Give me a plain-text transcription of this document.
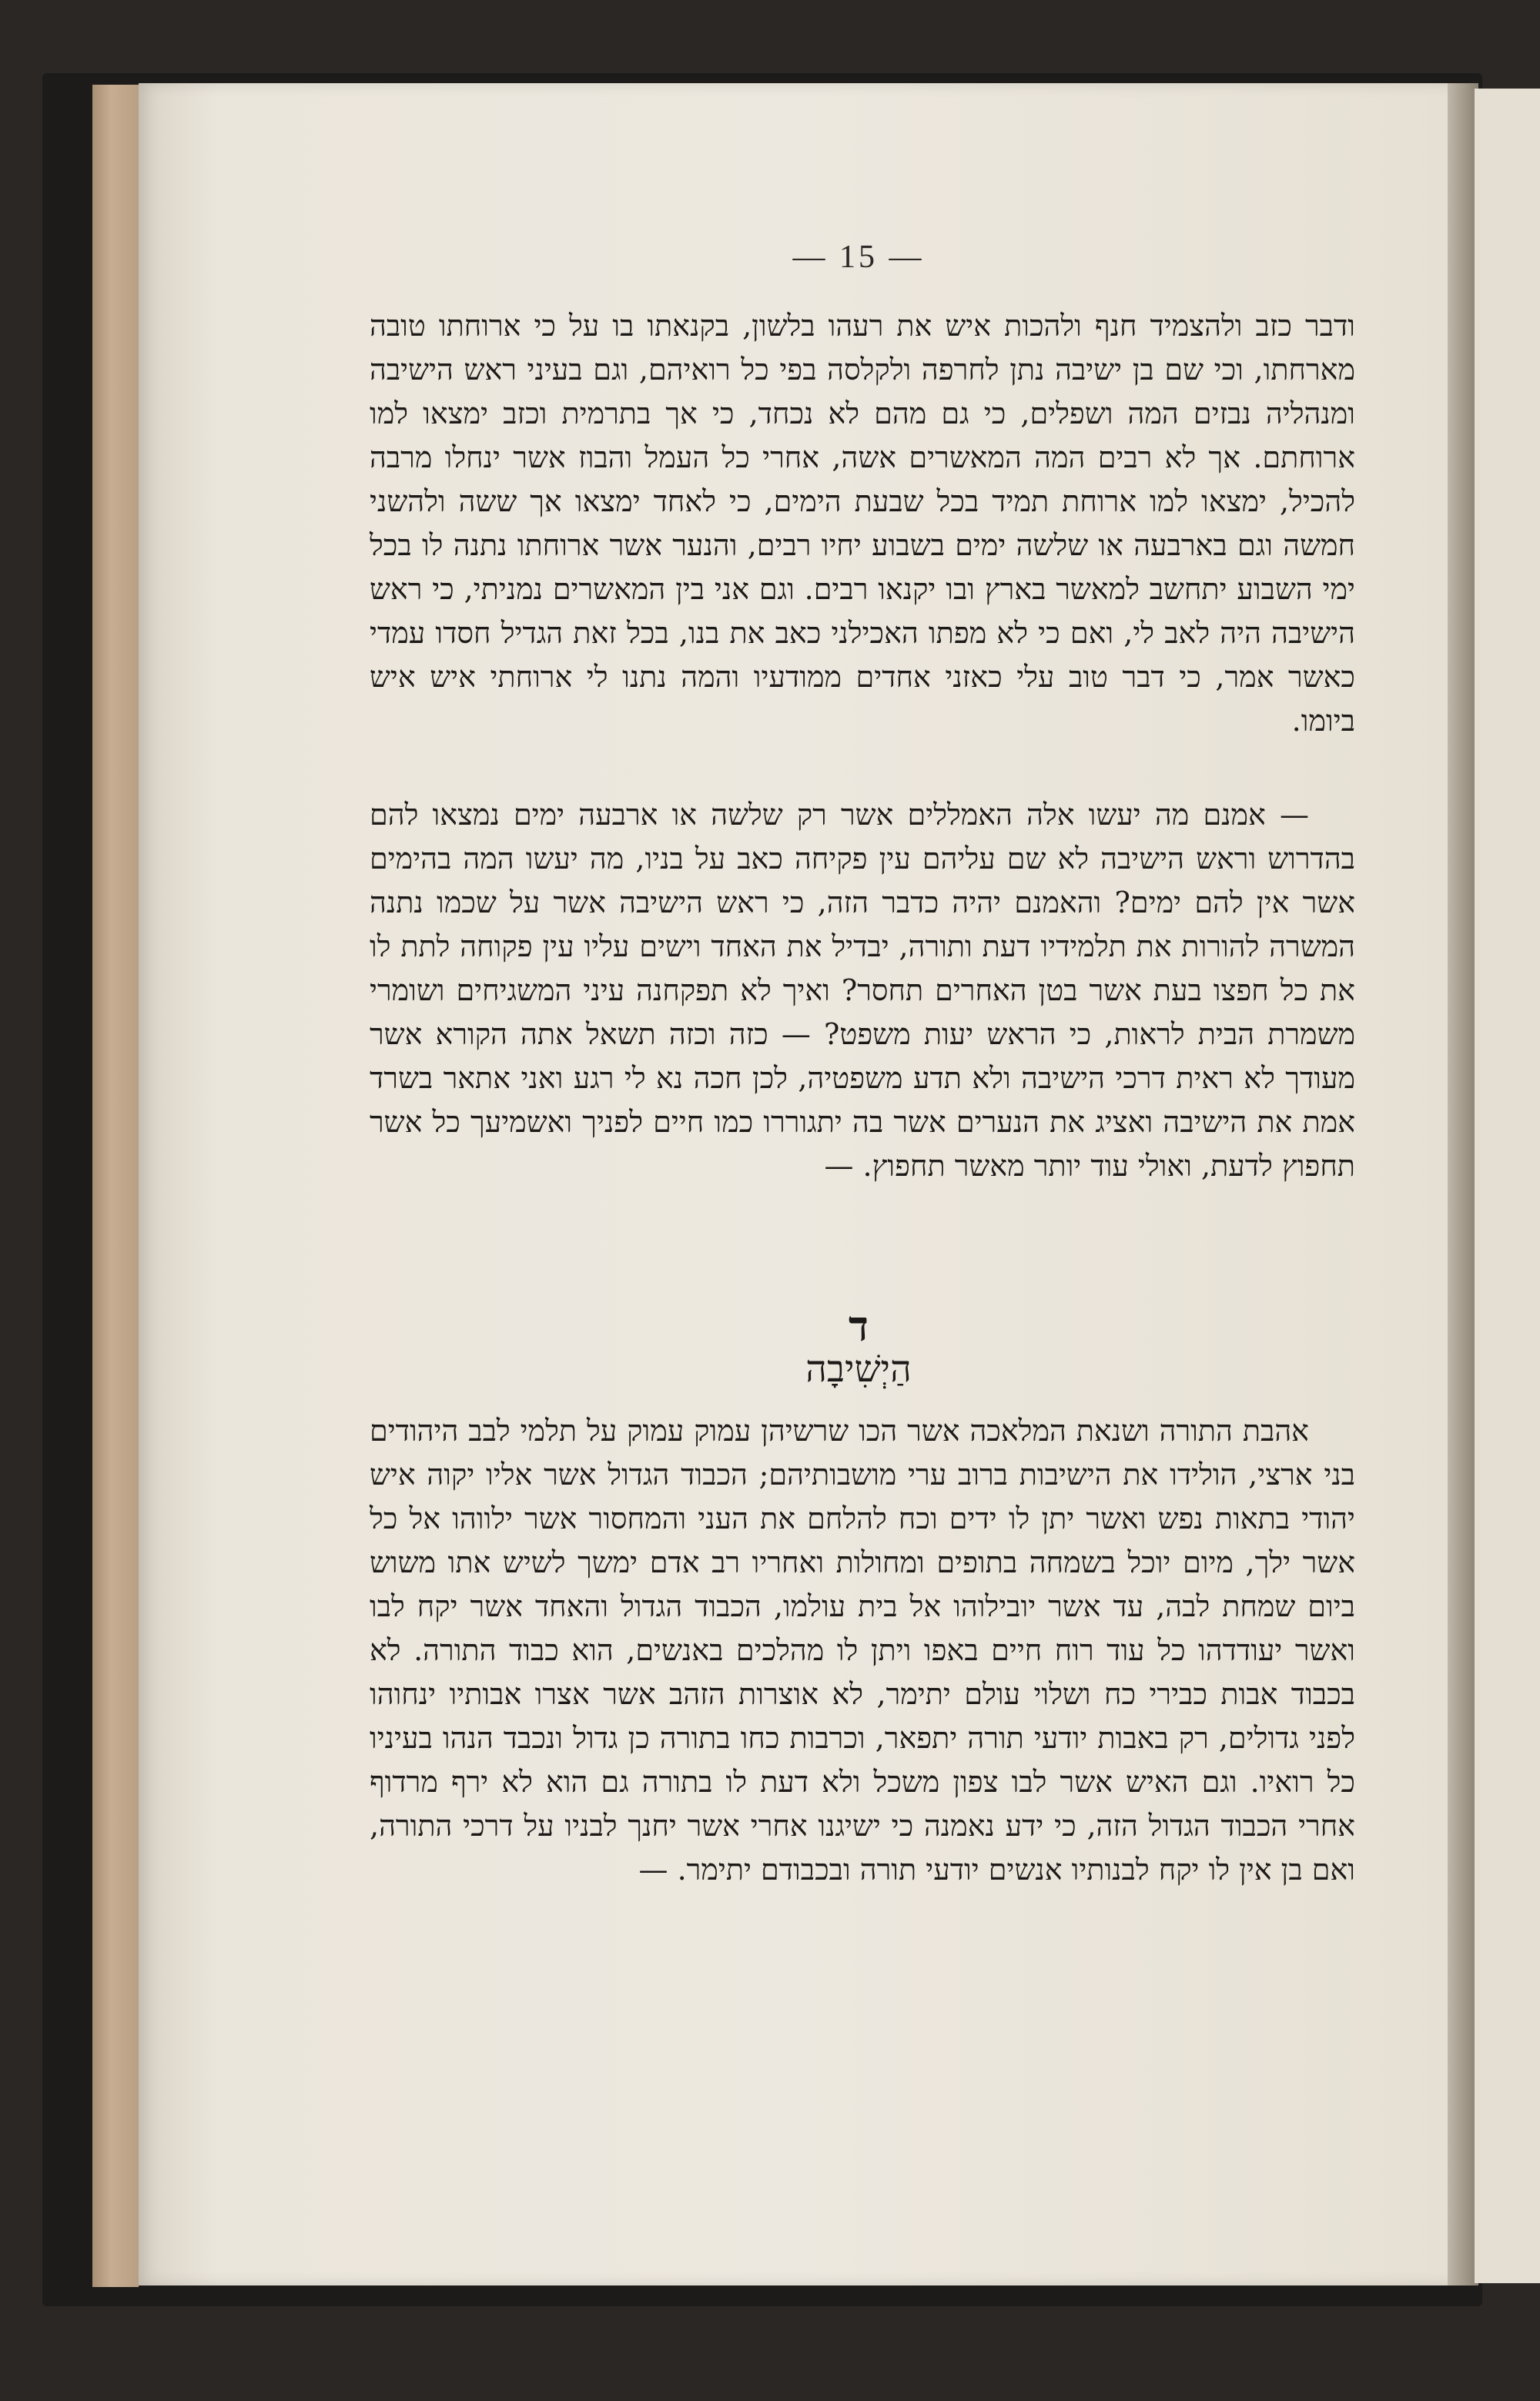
— 15 —
ודבר כזב ולהצמיד חנף ולהכות איש את רעהו בלשון, בקנאתו בו על כי ארוחתו טובה מארחתו, וכי שם בן ישיבה נתן לחרפה ולקלסה בפי כל רואיהם, וגם בעיני ראש הישיבה ומנהליה נבזים המה ושפלים, כי גם מהם לא נכחד, כי אך בתרמית וכזב ימצאו למו ארוחתם. אך לא רבים המה המאשרים אשה, אחרי כל העמל והבוז אשר ינחלו מרבה להכיל, ימצאו למו ארוחת תמיד בכל שבעת הימים, כי לאחד ימצאו אך ששה ולהשני חמשה וגם בארבעה או שלשה ימים בשבוע יחיו רבים, והנער אשר ארוחתו נתנה לו בכל ימי השבוע יתחשב למאשר בארץ ובו יקנאו רבים. וגם אני בין המאשרים נמניתי, כי ראש הישיבה היה לאב לי, ואם כי לא מפתו האכילני כאב את בנו, בכל זאת הגדיל חסדו עמדי כאשר אמר, כי דבר טוב עלי כאזני אחדים ממודעיו והמה נתנו לי ארוחתי איש איש ביומו.
— אמנם מה יעשו אלה האמללים אשר רק שלשה או ארבעה ימים נמצאו להם בהדרוש וראש הישיבה לא שם עליהם עין פקיחה כאב על בניו, מה יעשו המה בהימים אשר אין להם ימים? והאמנם יהיה כדבר הזה, כי ראש הישיבה אשר על שכמו נתנה המשרה להורות את תלמידיו דעת ותורה, יבדיל את האחד וישים עליו עין פקוחה לתת לו את כל חפצו בעת אשר בטן האחרים תחסר? ואיך לא תפקחנה עיני המשגיחים ושומרי משמרת הבית לראות, כי הראש יעות משפט? — כזה וכזה תשאל אתה הקורא אשר מעודך לא ראית דרכי הישיבה ולא תדע משפטיה, לכן חכה נא לי רגע ואני אתאר בשרד אמת את הישיבה ואציג את הנערים אשר בה יתגוררו כמו חיים לפניך ואשמיעך כל אשר תחפוץ לדעת, ואולי עוד יותר מאשר תחפוץ. —
ד
הַיְשִׁיבָה
אהבת התורה ושנאת המלאכה אשר הכו שרשיהן עמוק עמוק על תלמי לבב היהודים בני ארצי, הולידו את הישיבות ברוב ערי מושבותיהם; הכבוד הגדול אשר אליו יקוה איש יהודי בתאות נפש ואשר יתן לו ידים וכח להלחם את העני והמחסור אשר ילווהו אל כל אשר ילך, מיום יוכל בשמחה בתופים ומחולות ואחריו רב אדם ימשך לשיש אתו משוש ביום שמחת לבה, עד אשר יובילוהו אל בית עולמו, הכבוד הגדול והאחד אשר יקח לבו ואשר יעודדהו כל עוד רוח חיים באפו ויתן לו מהלכים באנשים, הוא כבוד התורה. לא בכבוד אבות כבירי כח ושלוי עולם יתימר, לא אוצרות הזהב אשר אצרו אבותיו ינחוהו לפני גדולים, רק באבות יודעי תורה יתפאר, וכרבות כחו בתורה כן גדול ונכבד הנהו בעיניו כל רואיו. וגם האיש אשר לבו צפון משכל ולא דעת לו בתורה גם הוא לא ירף מרדוף אחרי הכבוד הגדול הזה, כי ידע נאמנה כי ישיגנו אחרי אשר יחנך לבניו על דרכי התורה, ואם בן אין לו יקח לבנותיו אנשים יודעי תורה ובכבודם יתימר. —
